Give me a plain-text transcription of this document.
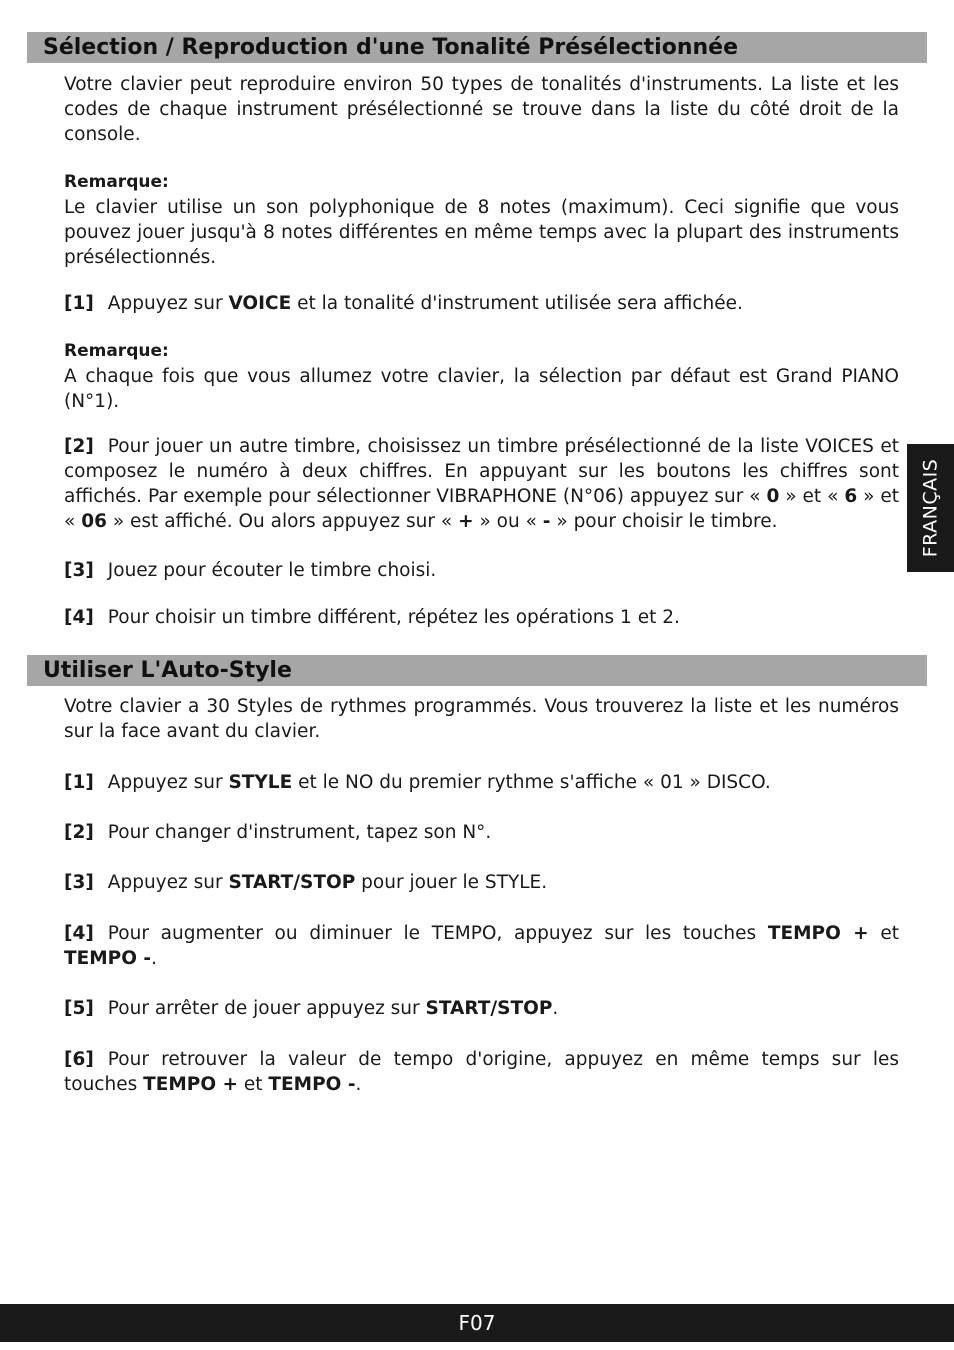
Sélection / Reproduction d'une Tonalité Présélectionnée

Votre clavier peut reproduire environ 50 types de tonalités d'instruments. La liste et les codes de chaque instrument présélectionné se trouve dans la liste du côté droit de la console.

Remarque:
Le clavier utilise un son polyphonique de 8 notes (maximum). Ceci signifie que vous pouvez jouer jusqu'à 8 notes différentes en même temps avec la plupart des instruments présélectionnés.

[1] Appuyez sur VOICE et la tonalité d'instrument utilisée sera affichée.

Remarque:
A chaque fois que vous allumez votre clavier, la sélection par défaut est Grand PIANO (N°1).

[2] Pour jouer un autre timbre, choisissez un timbre présélectionné de la liste VOICES et composez le numéro à deux chiffres. En appuyant sur les boutons les chiffres sont affichés. Par exemple pour sélectionner VIBRAPHONE (N°06) appuyez sur « 0 » et « 6 » et « 06 » est affiché. Ou alors appuyez sur « + » ou « - » pour choisir le timbre.

[3] Jouez pour écouter le timbre choisi.

[4] Pour choisir un timbre différent, répétez les opérations 1 et 2.

Utiliser L'Auto-Style

Votre clavier a 30 Styles de rythmes programmés. Vous trouverez la liste et les numéros sur la face avant du clavier.

[1] Appuyez sur STYLE et le NO du premier rythme s'affiche « 01 » DISCO.

[2] Pour changer d'instrument, tapez son N°.

[3] Appuyez sur START/STOP pour jouer le STYLE.

[4] Pour augmenter ou diminuer le TEMPO, appuyez sur les touches TEMPO + et TEMPO -.

[5] Pour arrêter de jouer appuyez sur START/STOP.

[6] Pour retrouver la valeur de tempo d'origine, appuyez en même temps sur les touches TEMPO + et TEMPO -.

FRANÇAIS
F07
